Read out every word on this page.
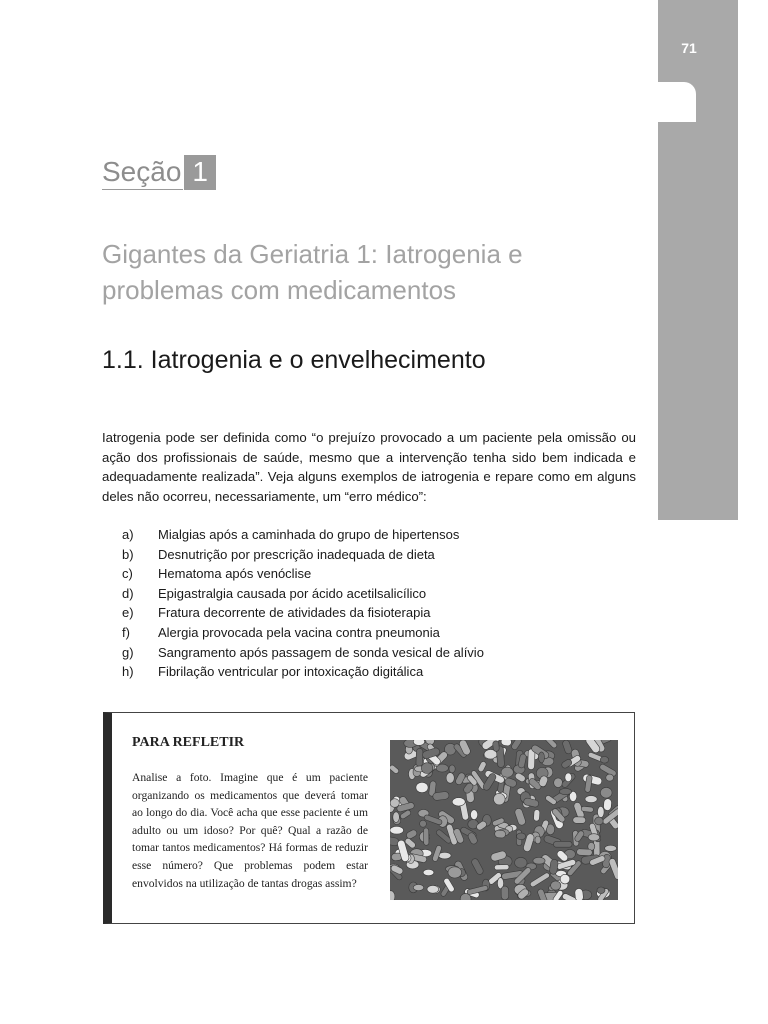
71
Seção 1
Gigantes da Geriatria 1: Iatrogenia e problemas com medicamentos
1.1. Iatrogenia e o envelhecimento

Iatrogenia pode ser definida como “o prejuízo provocado a um paciente pela omissão ou ação dos profissionais de saúde, mesmo que a intervenção tenha sido bem indicada e adequadamente realizada”. Veja alguns exemplos de iatrogenia e repare como em alguns deles não ocorreu, necessariamente, um “erro médico”:

a)	Mialgias após a caminhada do grupo de hipertensos
b)	Desnutrição por prescrição inadequada de dieta
c)	Hematoma após venóclise
d)	Epigastralgia causada por ácido acetilsalicílico
e)	Fratura decorrente de atividades da fisioterapia
f)	Alergia provocada pela vacina contra pneumonia
g)	Sangramento após passagem de sonda vesical de alívio
h)	Fibrilação ventricular por intoxicação digitálica
PARA REFLETIR

Analise a foto. Imagine que é um paciente organizando os medicamentos que deverá tomar ao longo do dia. Você acha que esse paciente é um adulto ou um idoso? Por quê? Qual a razão de tomar tantos medicamentos? Há formas de reduzir esse número? Que problemas podem estar envolvidos na utilização de tantas drogas assim?
